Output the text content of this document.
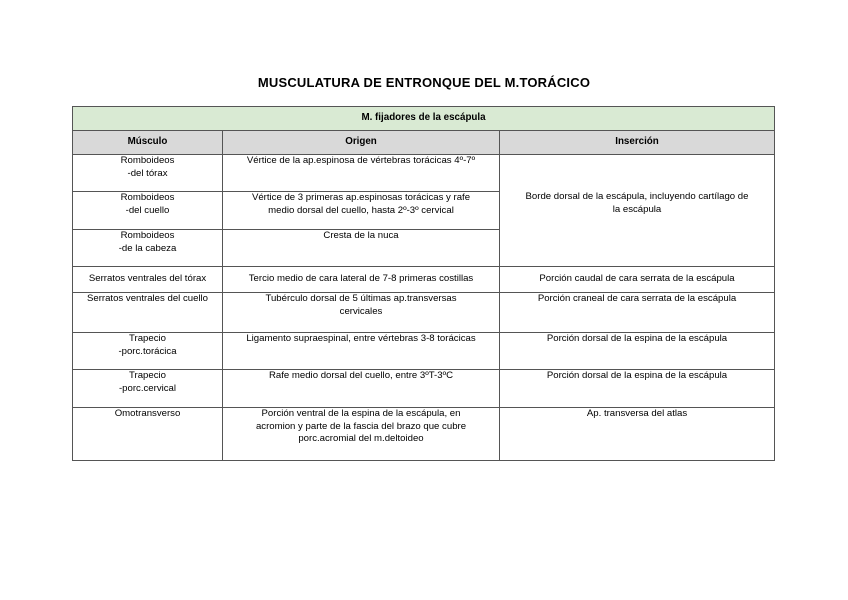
MUSCULATURA DE ENTRONQUE DEL M.TORÁCICO
M. fijadores de la escápula		
Músculo	Origen	Inserción

Romboideos
-del tórax	Vértice de la ap.espinosa de vértebras torácicas 4º-7º	Borde dorsal de la escápula, incluyendo cartílago de
la escápula

Romboideos
-del cuello	Vértice de 3 primeras ap.espinosas torácicas y rafe
medio dorsal del cuello, hasta 2º-3º cervical	

Romboideos
-de la cabeza	Cresta de la nuca	

Serratos ventrales del tórax	Tercio medio de cara lateral de 7-8 primeras costillas	Porción caudal de cara serrata de la escápula

Serratos ventrales del cuello	Tubérculo dorsal de 5 últimas ap.transversas
cervicales	Porción craneal de cara serrata de la escápula

Trapecio
-porc.torácica	Ligamento supraespinal, entre vértebras 3-8 torácicas	Porción dorsal de la espina de la escápula

Trapecio
-porc.cervical	Rafe medio dorsal del cuello, entre 3ºT-3ºC	Porción dorsal de la espina de la escápula

Omotransverso	Porción ventral de la espina de la escápula, en
acromion y parte de la fascia del brazo que cubre
porc.acromial del m.deltoideo	Ap. transversa del atlas
